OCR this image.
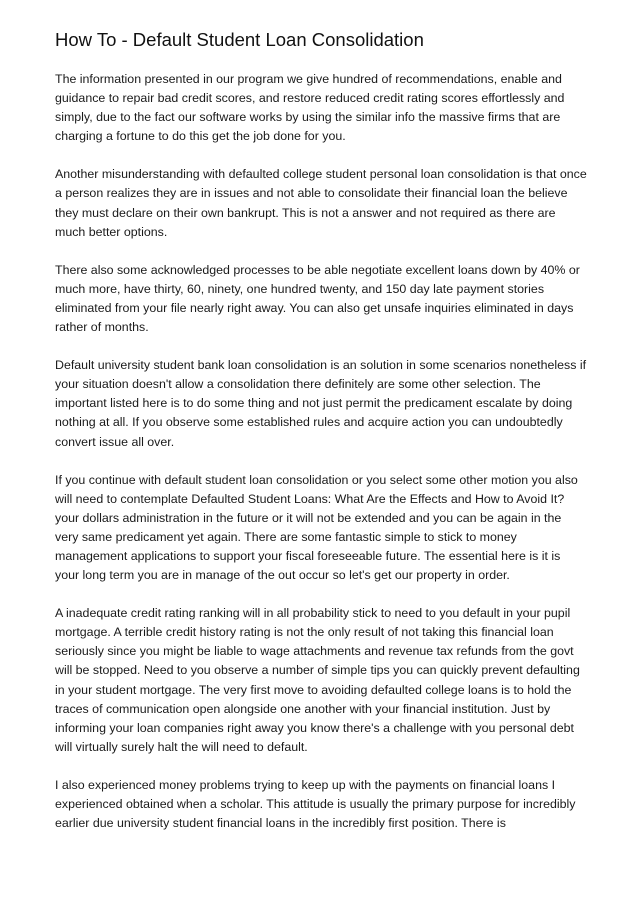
How To - Default Student Loan Consolidation

The information presented in our program we give hundred of recommendations, enable and guidance to repair bad credit scores, and restore reduced credit rating scores effortlessly and simply, due to the fact our software works by using the similar info the massive firms that are charging a fortune to do this get the job done for you.

Another misunderstanding with defaulted college student personal loan consolidation is that once a person realizes they are in issues and not able to consolidate their financial loan the believe they must declare on their own bankrupt. This is not a answer and not required as there are much better options.

There also some acknowledged processes to be able negotiate excellent loans down by 40% or much more, have thirty, 60, ninety, one hundred twenty, and 150 day late payment stories eliminated from your file nearly right away. You can also get unsafe inquiries eliminated in days rather of months.

Default university student bank loan consolidation is an solution in some scenarios nonetheless if your situation doesn't allow a consolidation there definitely are some other selection. The important listed here is to do some thing and not just permit the predicament escalate by doing nothing at all. If you observe some established rules and acquire action you can undoubtedly convert issue all over.

If you continue with default student loan consolidation or you select some other motion you also will need to contemplate Defaulted Student Loans: What Are the Effects and How to Avoid It? your dollars administration in the future or it will not be extended and you can be again in the very same predicament yet again. There are some fantastic simple to stick to money management applications to support your fiscal foreseeable future. The essential here is it is your long term you are in manage of the out occur so let's get our property in order.

A inadequate credit rating ranking will in all probability stick to need to you default in your pupil mortgage. A terrible credit history rating is not the only result of not taking this financial loan seriously since you might be liable to wage attachments and revenue tax refunds from the govt will be stopped. Need to you observe a number of simple tips you can quickly prevent defaulting in your student mortgage. The very first move to avoiding defaulted college loans is to hold the traces of communication open alongside one another with your financial institution. Just by informing your loan companies right away you know there's a challenge with you personal debt will virtually surely halt the will need to default.

I also experienced money problems trying to keep up with the payments on financial loans I experienced obtained when a scholar. This attitude is usually the primary purpose for incredibly earlier due university student financial loans in the incredibly first position. There is
